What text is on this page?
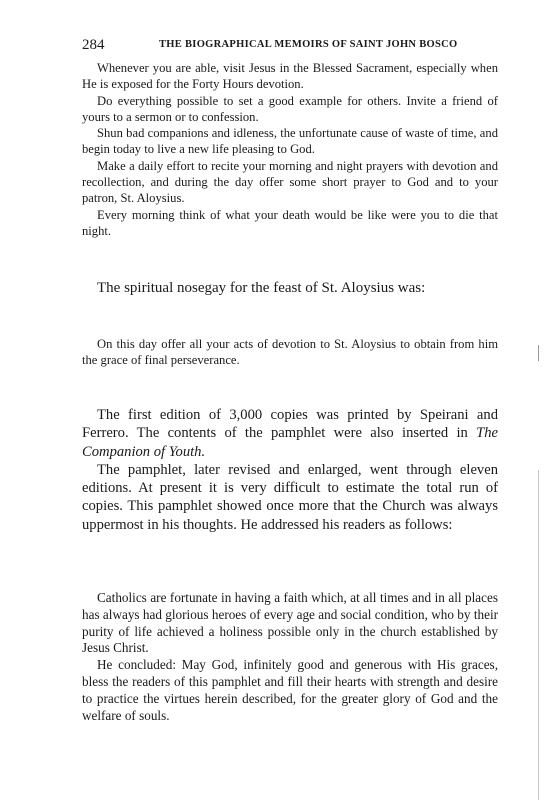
284	THE BIOGRAPHICAL MEMOIRS OF SAINT JOHN BOSCO

Whenever you are able, visit Jesus in the Blessed Sacrament, especially when He is exposed for the Forty Hours devotion.

Do everything possible to set a good example for others. Invite a friend of yours to a sermon or to confession.

Shun bad companions and idleness, the unfortunate cause of waste of time, and begin today to live a new life pleasing to God.

Make a daily effort to recite your morning and night prayers with devotion and recollection, and during the day offer some short prayer to God and to your patron, St. Aloysius.

Every morning think of what your death would be like were you to die that night.

The spiritual nosegay for the feast of St. Aloysius was:

On this day offer all your acts of devotion to St. Aloysius to obtain from him the grace of final perseverance.

The first edition of 3,000 copies was printed by Speirani and Ferrero. The contents of the pamphlet were also inserted in The Companion of Youth.

The pamphlet, later revised and enlarged, went through eleven editions. At present it is very difficult to estimate the total run of copies. This pamphlet showed once more that the Church was always uppermost in his thoughts. He addressed his readers as follows:

Catholics are fortunate in having a faith which, at all times and in all places has always had glorious heroes of every age and social condition, who by their purity of life achieved a holiness possible only in the church established by Jesus Christ.

He concluded: May God, infinitely good and generous with His graces, bless the readers of this pamphlet and fill their hearts with strength and desire to practice the virtues herein described, for the greater glory of God and the welfare of souls.
